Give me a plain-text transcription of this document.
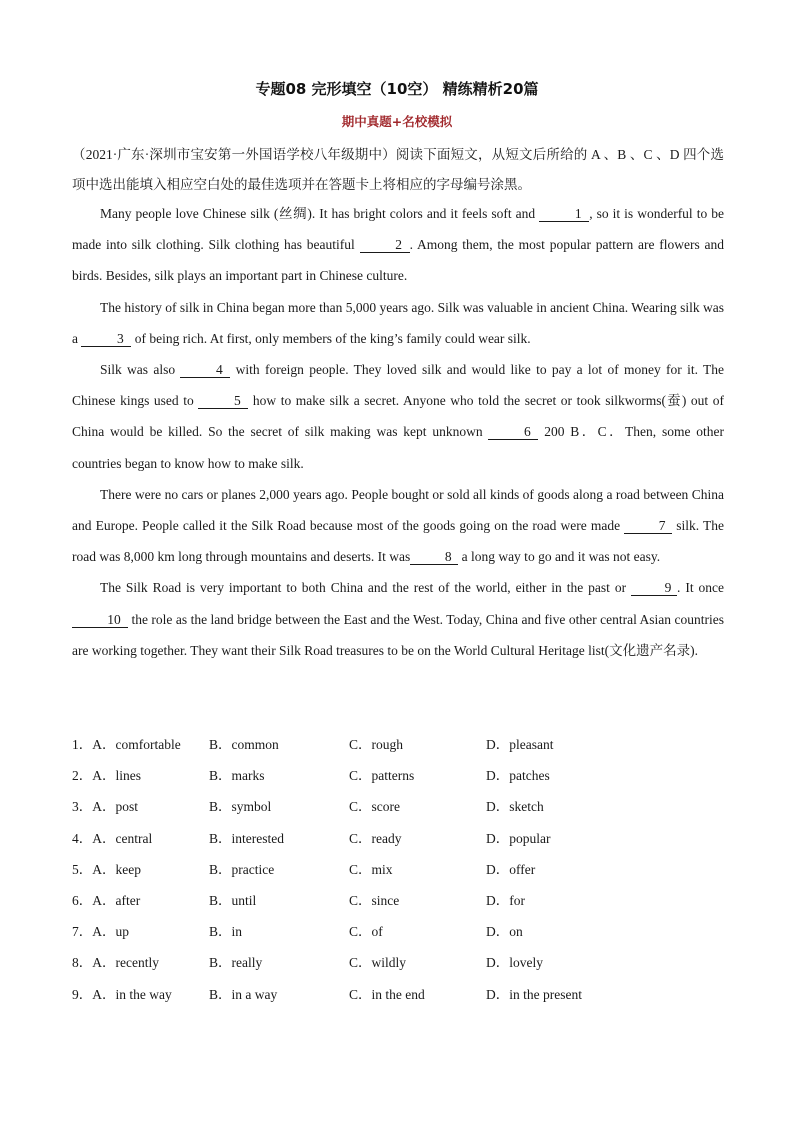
专题08 完形填空（10空） 精练精析20篇
期中真题+名校模拟
（2021·广东·深圳市宝安第一外国语学校八年级期中）阅读下面短文，从短文后所给的 A 、B 、C 、D 四个选项中选出能填入相应空白处的最佳选项并在答题卡上将相应的字母编号涂黑。

Many people love Chinese silk (丝绸). It has bright colors and it feels soft and	1 , so it is wonderful to be made into silk clothing. Silk clothing has beautiful	2 . Among them, the most popular pattern are flowers and birds. Besides, silk plays an important part in Chinese culture.

The history of silk in China began more than 5,000 years ago. Silk was valuable in ancient China. Wearing silk was a	3 of being rich. At first, only members of the king’s family could wear silk.

Silk was also	4 with foreign people. They loved silk and would like to pay a lot of money for it. The Chinese kings used to	5 how to make silk a secret. Anyone who told the secret or took silkworms(蚕) out of China would be killed. So the secret of silk making was kept unknown	6 200 B．C．Then, some other countries began to know how to make silk.

There were no cars or planes 2,000 years ago. People bought or sold all kinds of goods along a road between China and Europe. People called it the Silk Road because most of the goods going on the road were made	7 silk. The road was 8,000 km long through mountains and deserts. It was	8 a long way to go and it was not easy.

The Silk Road is very important to both China and the rest of the world, either in the past or 9 . It once 10 the role as the land bridge between the East and the West. Today, China and five other central Asian countries are working together. They want their Silk Road treasures to be on the World Cultural Heritage list(文化遗产名录).

1．A．comfortable B．common	C．rough	D．pleasant
2．A．lines	B．marks	C．patterns	D．patches
3．A．post	B．symbol	C．score	D．sketch
4．A．central	B．interested	C．ready	D．popular
5．A．keep	B．practice	C．mix	D．offer
6．A．after	B．until	C．since	D．for
7．A．up	B．in	C．of	D．on
8．A．recently	B．really	C．wildly	D．lovely
9．A．in the way	B．in a way	C．in the end	D．in the present
